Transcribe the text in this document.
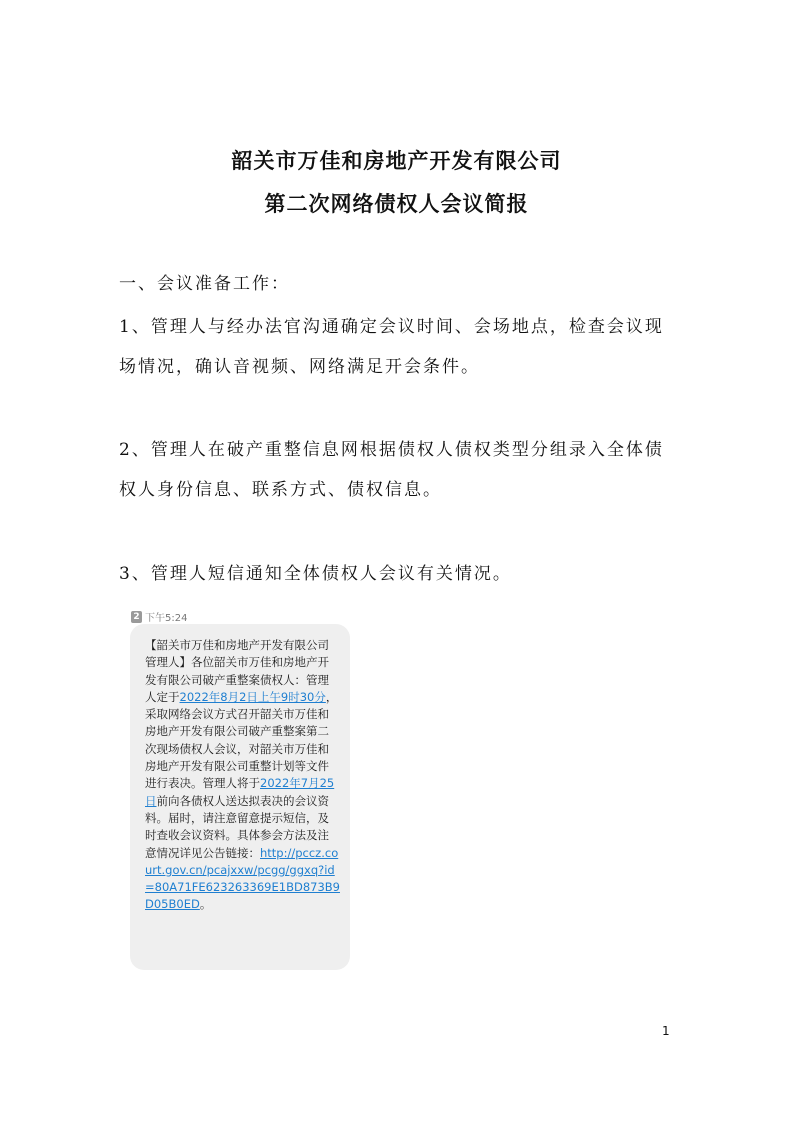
韶关市万佳和房地产开发有限公司
第二次网络债权人会议简报

一、会议准备工作：

1、管理人与经办法官沟通确定会议时间、会场地点，检查会议现场情况，确认音视频、网络满足开会条件。

2、管理人在破产重整信息网根据债权人债权类型分组录入全体债权人身份信息、联系方式、债权信息。

3、管理人短信通知全体债权人会议有关情况。

2 下午5:24

【韶关市万佳和房地产开发有限公司管理人】各位韶关市万佳和房地产开发有限公司破产重整案债权人：管理人定于2022年8月2日上午9时30分，采取网络会议方式召开韶关市万佳和房地产开发有限公司破产重整案第二次现场债权人会议，对韶关市万佳和房地产开发有限公司重整计划等文件进行表决。管理人将于2022年7月25日前向各债权人送达拟表决的会议资料。届时，请注意留意提示短信，及时查收会议资料。具体参会方法及注意情况详见公告链接：http://pccz.court.gov.cn/pcajxxw/pcgg/ggxq?id=80A71FE623263369E1BD873B9D05B0ED。

1
